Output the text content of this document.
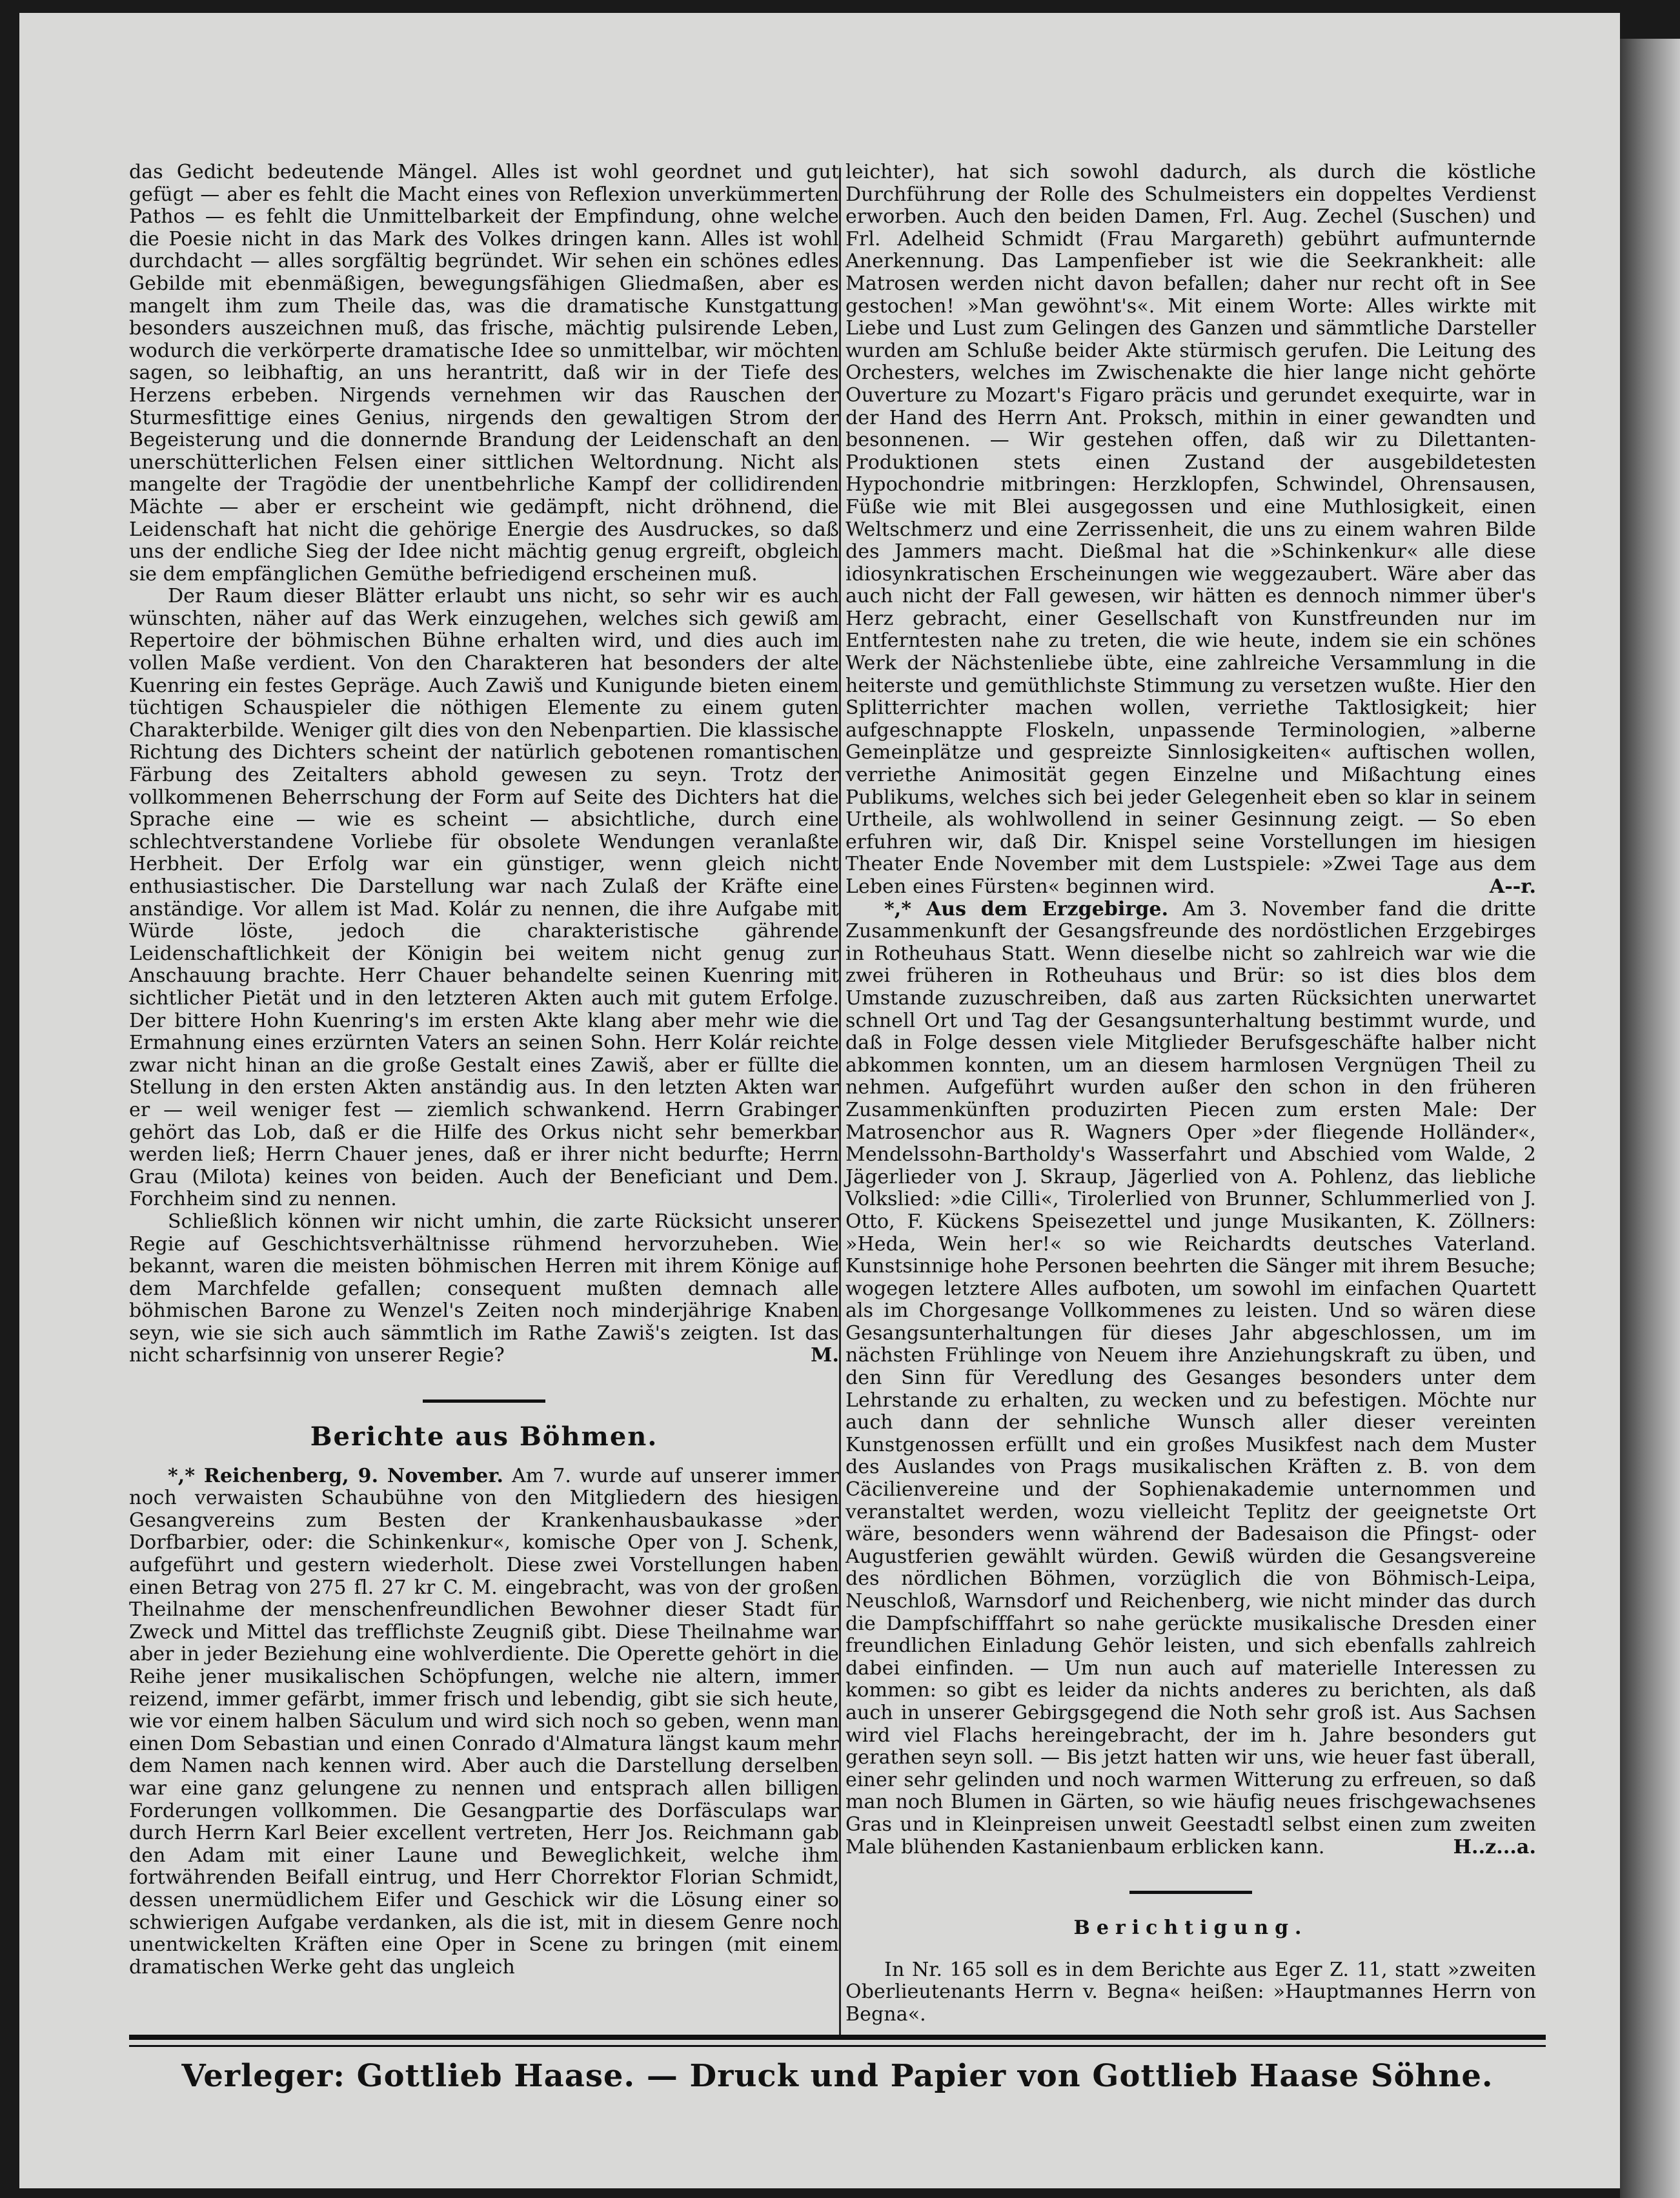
das Gedicht bedeutende Mängel. Alles ist wohl geordnet und gut gefügt — aber es fehlt die Macht eines von Reflexion unverkümmerten Pathos — es fehlt die Unmittelbarkeit der Empfindung, ohne welche die Poesie nicht in das Mark des Volkes dringen kann. Alles ist wohl durchdacht — alles sorgfältig begründet. Wir sehen ein schönes edles Gebilde mit ebenmäßigen, bewegungsfähigen Gliedmaßen, aber es mangelt ihm zum Theile das, was die dramatische Kunstgattung besonders auszeichnen muß, das frische, mächtig pulsirende Leben, wodurch die verkörperte dramatische Idee so unmittelbar, wir möchten sagen, so leibhaftig, an uns herantritt, daß wir in der Tiefe des Herzens erbeben. Nirgends vernehmen wir das Rauschen der Sturmesfittige eines Genius, nirgends den gewaltigen Strom der Begeisterung und die donnernde Brandung der Leidenschaft an den unerschütterlichen Felsen einer sittlichen Weltordnung. Nicht als mangelte der Tragödie der unentbehrliche Kampf der collidirenden Mächte — aber er erscheint wie gedämpft, nicht dröhnend, die Leidenschaft hat nicht die gehörige Energie des Ausdruckes, so daß uns der endliche Sieg der Idee nicht mächtig genug ergreift, obgleich sie dem empfänglichen Gemüthe befriedigend erscheinen muß.

Der Raum dieser Blätter erlaubt uns nicht, so sehr wir es auch wünschten, näher auf das Werk einzugehen, welches sich gewiß am Repertoire der böhmischen Bühne erhalten wird, und dies auch im vollen Maße verdient. Von den Charakteren hat besonders der alte Kuenring ein festes Gepräge. Auch Zawiš und Kunigunde bieten einem tüchtigen Schauspieler die nöthigen Elemente zu einem guten Charakterbilde. Weniger gilt dies von den Nebenpartien. Die klassische Richtung des Dichters scheint der natürlich gebotenen romantischen Färbung des Zeitalters abhold gewesen zu seyn. Trotz der vollkommenen Beherrschung der Form auf Seite des Dichters hat die Sprache eine — wie es scheint — absichtliche, durch eine schlechtverstandene Vorliebe für obsolete Wendungen veranlaßte Herbheit. Der Erfolg war ein günstiger, wenn gleich nicht enthusiastischer. Die Darstellung war nach Zulaß der Kräfte eine anständige. Vor allem ist Mad. Kolár zu nennen, die ihre Aufgabe mit Würde löste, jedoch die charakteristische gährende Leidenschaftlichkeit der Königin bei weitem nicht genug zur Anschauung brachte. Herr Chauer behandelte seinen Kuenring mit sichtlicher Pietät und in den letzteren Akten auch mit gutem Erfolge. Der bittere Hohn Kuenring's im ersten Akte klang aber mehr wie die Ermahnung eines erzürnten Vaters an seinen Sohn. Herr Kolár reichte zwar nicht hinan an die große Gestalt eines Zawiš, aber er füllte die Stellung in den ersten Akten anständig aus. In den letzten Akten war er — weil weniger fest — ziemlich schwankend. Herrn Grabinger gehört das Lob, daß er die Hilfe des Orkus nicht sehr bemerkbar werden ließ; Herrn Chauer jenes, daß er ihrer nicht bedurfte; Herrn Grau (Milota) keines von beiden. Auch der Beneficiant und Dem. Forchheim sind zu nennen.

Schließlich können wir nicht umhin, die zarte Rücksicht unserer Regie auf Geschichtsverhältnisse rühmend hervorzuheben. Wie bekannt, waren die meisten böhmischen Herren mit ihrem Könige auf dem Marchfelde gefallen; consequent mußten demnach alle böhmischen Barone zu Wenzel's Zeiten noch minderjährige Knaben seyn, wie sie sich auch sämmtlich im Rathe Zawiš's zeigten. Ist das nicht scharfsinnig von unserer Regie?	M.

Berichte aus Böhmen.

*,* Reichenberg, 9. November. Am 7. wurde auf unserer immer noch verwaisten Schaubühne von den Mitgliedern des hiesigen Gesangvereins zum Besten der Krankenhausbaukasse »der Dorfbarbier, oder: die Schinkenkur«, komische Oper von J. Schenk, aufgeführt und gestern wiederholt. Diese zwei Vorstellungen haben einen Betrag von 275 fl. 27 kr C. M. eingebracht, was von der großen Theilnahme der menschenfreundlichen Bewohner dieser Stadt für Zweck und Mittel das trefflichste Zeugniß gibt. Diese Theilnahme war aber in jeder Beziehung eine wohlverdiente. Die Operette gehört in die Reihe jener musikalischen Schöpfungen, welche nie altern, immer reizend, immer gefärbt, immer frisch und lebendig, gibt sie sich heute, wie vor einem halben Säculum und wird sich noch so geben, wenn man einen Dom Sebastian und einen Conrado d'Almatura längst kaum mehr dem Namen nach kennen wird. Aber auch die Darstellung derselben war eine ganz gelungene zu nennen und entsprach allen billigen Forderungen vollkommen. Die Gesangpartie des Dorfäsculaps war durch Herrn Karl Beier excellent vertreten, Herr Jos. Reichmann gab den Adam mit einer Laune und Beweglichkeit, welche ihm fortwährenden Beifall eintrug, und Herr Chorrektor Florian Schmidt, dessen unermüdlichem Eifer und Geschick wir die Lösung einer so schwierigen Aufgabe verdanken, als die ist, mit in diesem Genre noch unentwickelten Kräften eine Oper in Scene zu bringen (mit einem dramatischen Werke geht das ungleich

leichter), hat sich sowohl dadurch, als durch die köstliche Durchführung der Rolle des Schulmeisters ein doppeltes Verdienst erworben. Auch den beiden Damen, Frl. Aug. Zechel (Suschen) und Frl. Adelheid Schmidt (Frau Margareth) gebührt aufmunternde Anerkennung. Das Lampenfieber ist wie die Seekrankheit: alle Matrosen werden nicht davon befallen; daher nur recht oft in See gestochen! »Man gewöhnt's«. Mit einem Worte: Alles wirkte mit Liebe und Lust zum Gelingen des Ganzen und sämmtliche Darsteller wurden am Schluße beider Akte stürmisch gerufen. Die Leitung des Orchesters, welches im Zwischenakte die hier lange nicht gehörte Ouverture zu Mozart's Figaro präcis und gerundet exequirte, war in der Hand des Herrn Ant. Proksch, mithin in einer gewandten und besonnenen. — Wir gestehen offen, daß wir zu Dilettanten-Produktionen stets einen Zustand der ausgebildetesten Hypochondrie mitbringen: Herzklopfen, Schwindel, Ohrensausen, Füße wie mit Blei ausgegossen und eine Muthlosigkeit, einen Weltschmerz und eine Zerrissenheit, die uns zu einem wahren Bilde des Jammers macht. Dießmal hat die »Schinkenkur« alle diese idiosynkratischen Erscheinungen wie weggezaubert. Wäre aber das auch nicht der Fall gewesen, wir hätten es dennoch nimmer über's Herz gebracht, einer Gesellschaft von Kunstfreunden nur im Entferntesten nahe zu treten, die wie heute, indem sie ein schönes Werk der Nächstenliebe übte, eine zahlreiche Versammlung in die heiterste und gemüthlichste Stimmung zu versetzen wußte. Hier den Splitterrichter machen wollen, verriethe Taktlosigkeit; hier aufgeschnappte Floskeln, unpassende Terminologien, »alberne Gemeinplätze und gespreizte Sinnlosigkeiten« auftischen wollen, verriethe Animosität gegen Einzelne und Mißachtung eines Publikums, welches sich bei jeder Gelegenheit eben so klar in seinem Urtheile, als wohlwollend in seiner Gesinnung zeigt. — So eben erfuhren wir, daß Dir. Knispel seine Vorstellungen im hiesigen Theater Ende November mit dem Lustspiele: »Zwei Tage aus dem Leben eines Fürsten« beginnen wird.	A--r.

*,* Aus dem Erzgebirge. Am 3. November fand die dritte Zusammenkunft der Gesangsfreunde des nordöstlichen Erzgebirges in Rotheuhaus Statt. Wenn dieselbe nicht so zahlreich war wie die zwei früheren in Rotheuhaus und Brür: so ist dies blos dem Umstande zuzuschreiben, daß aus zarten Rücksichten unerwartet schnell Ort und Tag der Gesangsunterhaltung bestimmt wurde, und daß in Folge dessen viele Mitglieder Berufsgeschäfte halber nicht abkommen konnten, um an diesem harmlosen Vergnügen Theil zu nehmen. Aufgeführt wurden außer den schon in den früheren Zusammenkünften produzirten Piecen zum ersten Male: Der Matrosenchor aus R. Wagners Oper »der fliegende Holländer«, Mendelssohn-Bartholdy's Wasserfahrt und Abschied vom Walde, 2 Jägerlieder von J. Skraup, Jägerlied von A. Pohlenz, das liebliche Volkslied: »die Cilli«, Tirolerlied von Brunner, Schlummerlied von J. Otto, F. Kückens Speisezettel und junge Musikanten, K. Zöllners: »Heda, Wein her!« so wie Reichardts deutsches Vaterland. Kunstsinnige hohe Personen beehrten die Sänger mit ihrem Besuche; wogegen letztere Alles aufboten, um sowohl im einfachen Quartett als im Chorgesange Vollkommenes zu leisten. Und so wären diese Gesangsunterhaltungen für dieses Jahr abgeschlossen, um im nächsten Frühlinge von Neuem ihre Anziehungskraft zu üben, und den Sinn für Veredlung des Gesanges besonders unter dem Lehrstande zu erhalten, zu wecken und zu befestigen. Möchte nur auch dann der sehnliche Wunsch aller dieser vereinten Kunstgenossen erfüllt und ein großes Musikfest nach dem Muster des Auslandes von Prags musikalischen Kräften z. B. von dem Cäcilienvereine und der Sophienakademie unternommen und veranstaltet werden, wozu vielleicht Teplitz der geeignetste Ort wäre, besonders wenn während der Badesaison die Pfingst- oder Augustferien gewählt würden. Gewiß würden die Gesangsvereine des nördlichen Böhmen, vorzüglich die von Böhmisch-Leipa, Neuschloß, Warnsdorf und Reichenberg, wie nicht minder das durch die Dampfschifffahrt so nahe gerückte musikalische Dresden einer freundlichen Einladung Gehör leisten, und sich ebenfalls zahlreich dabei einfinden. — Um nun auch auf materielle Interessen zu kommen: so gibt es leider da nichts anderes zu berichten, als daß auch in unserer Gebirgsgegend die Noth sehr groß ist. Aus Sachsen wird viel Flachs hereingebracht, der im h. Jahre besonders gut gerathen seyn soll. — Bis jetzt hatten wir uns, wie heuer fast überall, einer sehr gelinden und noch warmen Witterung zu erfreuen, so daß man noch Blumen in Gärten, so wie häufig neues frischgewachsenes Gras und in Kleinpreisen unweit Geestadtl selbst einen zum zweiten Male blühenden Kastanienbaum erblicken kann.	H..z...a.

Berichtigung.

In Nr. 165 soll es in dem Berichte aus Eger Z. 11, statt »zweiten Oberlieutenants Herrn v. Begna« heißen: »Hauptmannes Herrn von Begna«.

Verleger: Gottlieb Haase. — Druck und Papier von Gottlieb Haase Söhne.
